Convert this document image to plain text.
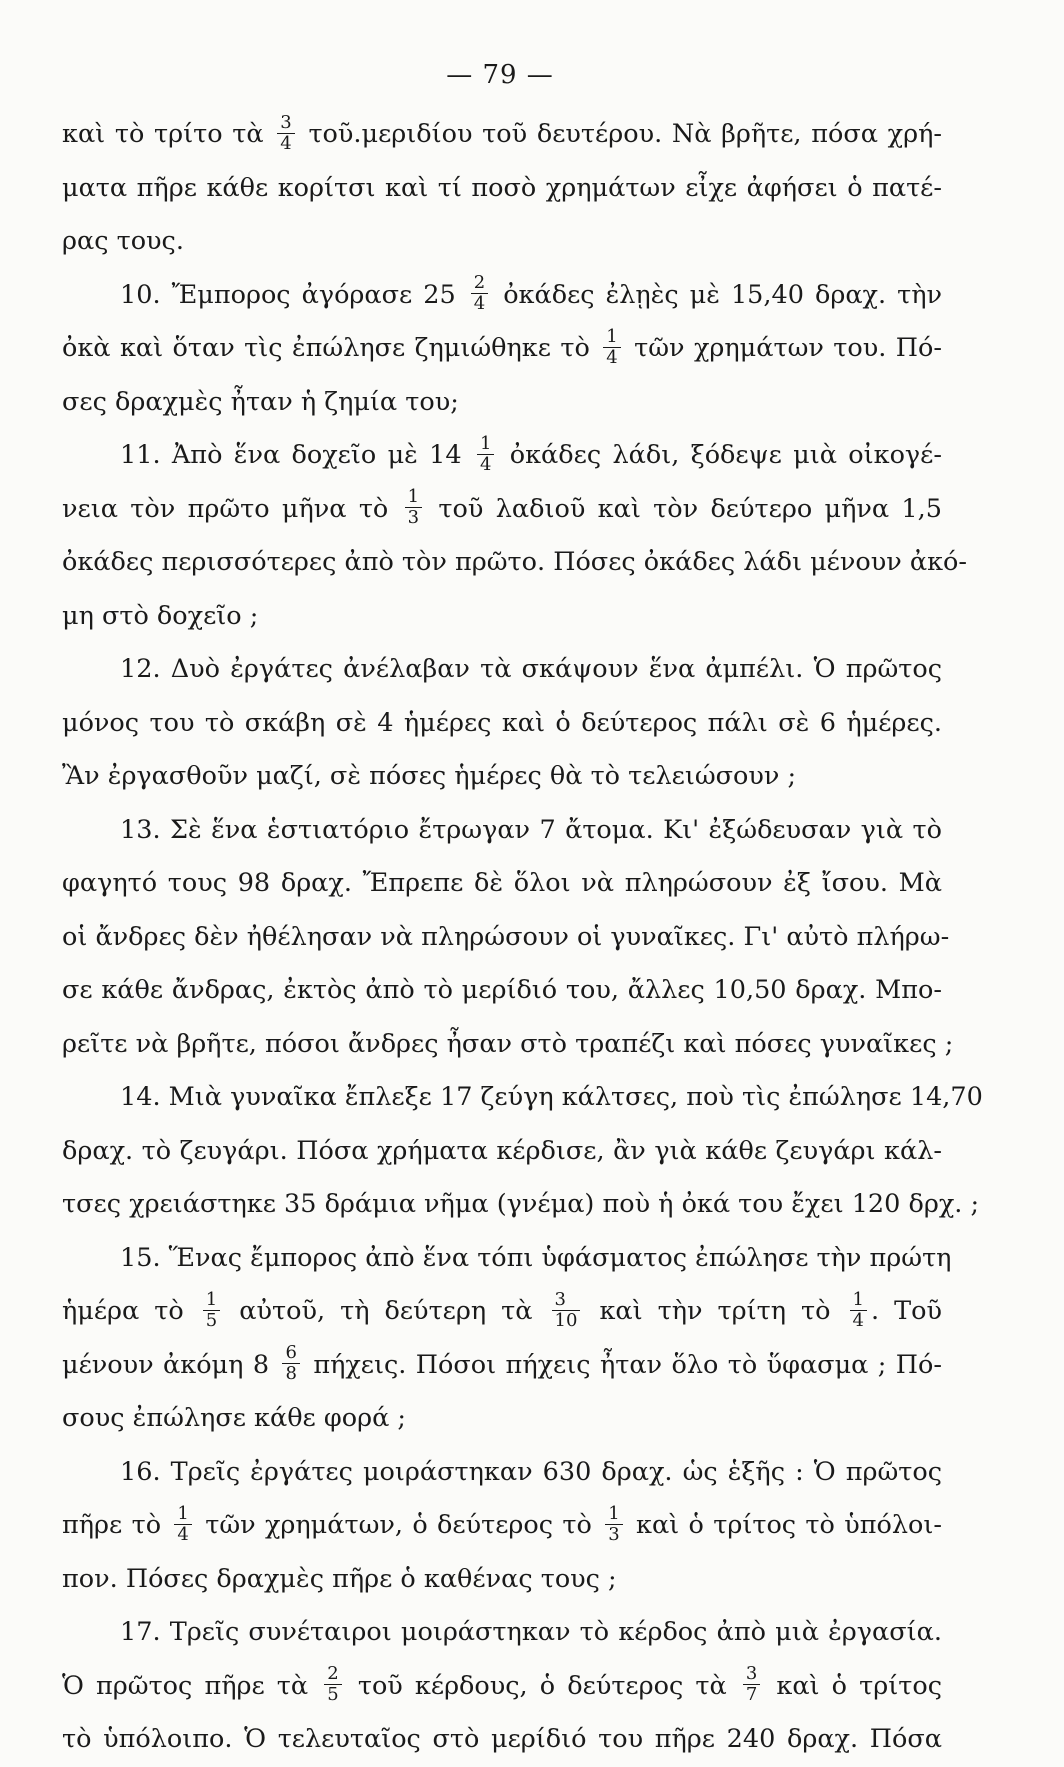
— 79 —
καὶ τὸ τρίτο τὰ $\frac{3}{4}$ τοῦ.μεριδίου τοῦ δευτέρου. Νὰ βρῆτε, πόσα χρή-
ματα πῆρε κάθε κορίτσι καὶ τί ποσὸ χρημάτων εἶχε ἀφήσει ὁ πατέ-
ρας τους.
10. Ἔμπορος ἀγόρασε $25 \frac{2}{4}$ ὀκάδες ἐλῃὲς μὲ 15,40 δραχ. τὴν
ὀκὰ καὶ ὅταν τὶς ἐπώλησε ζημιώθηκε τὸ $\frac{1}{4}$ τῶν χρημάτων του. Πό-
σες δραχμὲς ἦταν ἡ ζημία του;
11. Ἀπὸ ἕνα δοχεῖο μὲ $14 \frac{1}{4}$ ὀκάδες λάδι, ξόδεψε μιὰ οἰκογέ-
νεια τὸν πρῶτο μῆνα τὸ $\frac{1}{3}$ τοῦ λαδιοῦ καὶ τὸν δεύτερο μῆνα 1,5
ὀκάδες περισσότερες ἀπὸ τὸν πρῶτο. Πόσες ὀκάδες λάδι μένουν ἀκό-
μη στὸ δοχεῖο ;
12. Δυὸ ἐργάτες ἀνέλαβαν τὰ σκάψουν ἕνα ἀμπέλι. Ὁ πρῶτος
μόνος του τὸ σκάβη σὲ 4 ἡμέρες καὶ ὁ δεύτερος πάλι σὲ 6 ἡμέρες.
Ἂν ἐργασθοῦν μαζί, σὲ πόσες ἡμέρες θὰ τὸ τελειώσουν ;
13. Σὲ ἕνα ἑστιατόριο ἔτρωγαν 7 ἄτομα. Κι' ἐξώδευσαν γιὰ τὸ
φαγητό τους 98 δραχ. Ἔπρεπε δὲ ὅλοι νὰ πληρώσουν ἐξ ἴσου. Μὰ
οἱ ἄνδρες δὲν ἠθέλησαν νὰ πληρώσουν οἱ γυναῖκες. Γι' αὐτὸ πλήρω-
σε κάθε ἄνδρας, ἐκτὸς ἀπὸ τὸ μερίδιό του, ἄλλες 10,50 δραχ. Μπο-
ρεῖτε νὰ βρῆτε, πόσοι ἄνδρες ἦσαν στὸ τραπέζι καὶ πόσες γυναῖκες ;
14. Μιὰ γυναῖκα ἔπλεξε 17 ζεύγη κάλτσες, ποὺ τὶς ἐπώλησε 14,70
δραχ. τὸ ζευγάρι. Πόσα χρήματα κέρδισε, ἂν γιὰ κάθε ζευγάρι κάλ-
τσες χρειάστηκε 35 δράμια νῆμα (γνέμα) ποὺ ἡ ὀκά του ἔχει 120 δρχ. ;
15. Ἕνας ἔμπορος ἀπὸ ἕνα τόπι ὑφάσματος ἐπώλησε τὴν πρώτη
ἡμέρα τὸ $\frac{1}{5}$ αὐτοῦ, τὴ δεύτερη τὰ $\frac{3}{10}$ καὶ τὴν τρίτη τὸ $\frac{1}{4}$ . Τοῦ
μένουν ἀκόμη $8 \frac{6}{8} \pi ή\chi\varepsilon\iota\varsigma$. Πόσοι πήχεις ἦταν ὅλο τὸ ὕφασμα ; Πό-
σους ἐπώλησε κάθε φορά ;
16. Τρεῖς ἐργάτες μοιράστηκαν 630 δραχ. ὡς ἑξῆς : Ὁ πρῶτος
πῆρε τὸ $\frac{1}{4}$ τῶν χρημάτων, ὁ δεύτερος τὸ $\frac{1}{3}$ καὶ ὁ τρίτος τὸ ὑπόλοι-
πον. Πόσες δραχμὲς πῆρε ὁ καθένας τους ;
17. Τρεῖς συνέταιροι μοιράστηκαν τὸ κέρδος ἀπὸ μιὰ ἐργασία.
Ὁ πρῶτος πῆρε τὰ $\frac{2}{5}$ τοῦ κέρδους, ὁ δεύτερος τὰ $\frac{3}{7}$ καὶ ὁ τρίτος
τὸ ὑπόλοιπο. Ὁ τελευταῖος στὸ μερίδιό του πῆρε 240 δραχ. Πόσα
